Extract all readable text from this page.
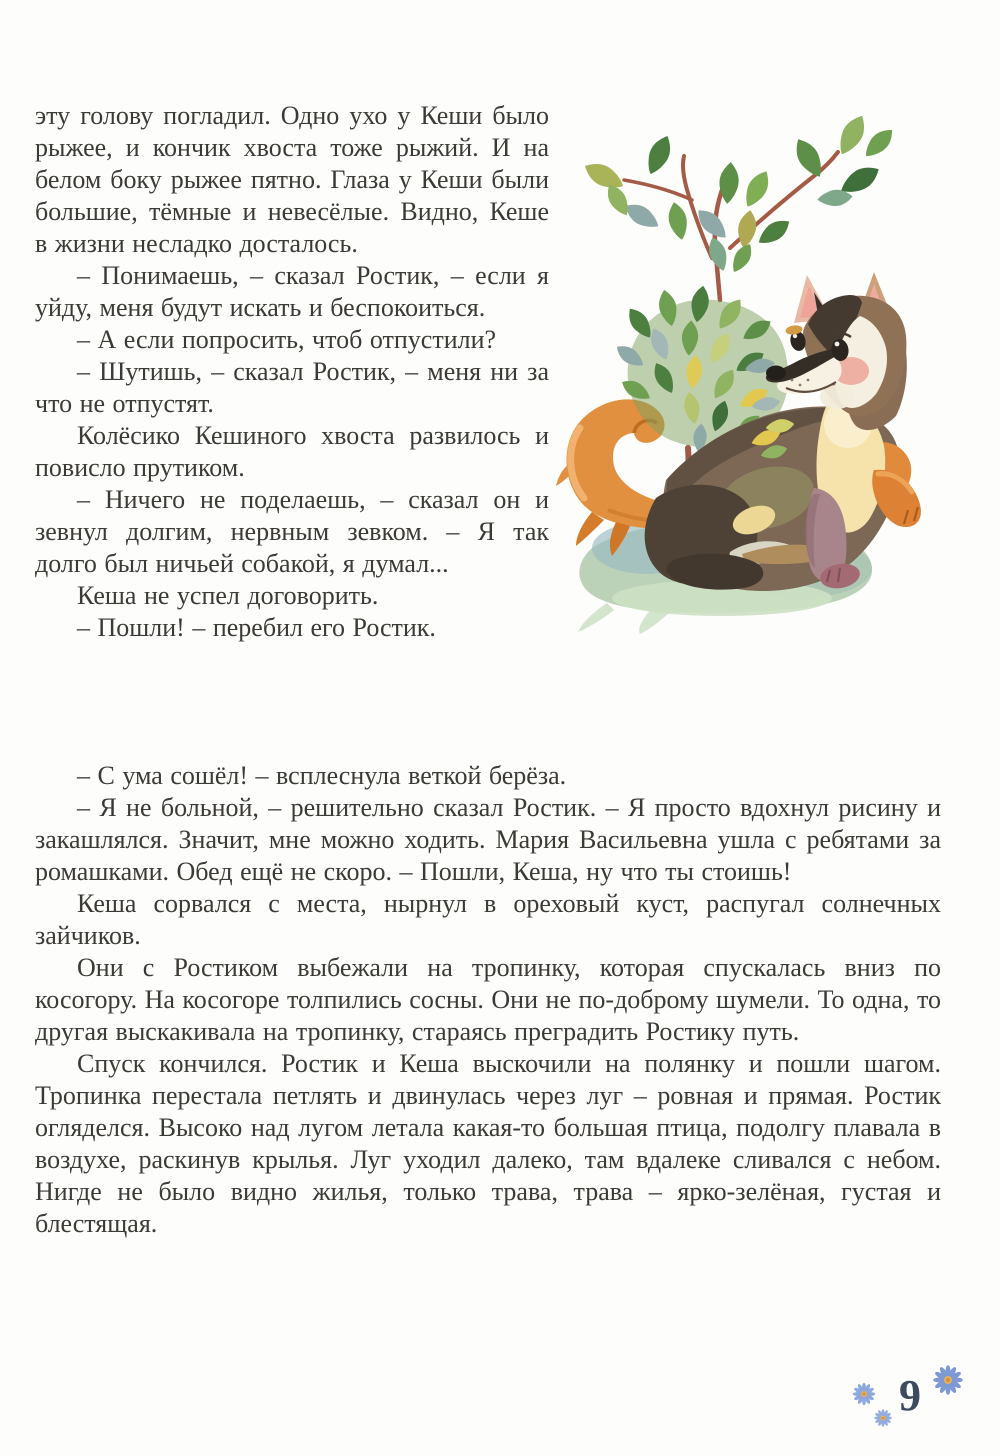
эту голову погладил. Одно ухо у Кеши было рыжее, и кончик хвоста тоже рыжий. И на белом боку рыжее пятно. Глаза у Кеши были большие, тёмные и невесёлые. Видно, Кеше в жизни несладко досталось.

– Понимаешь, – сказал Ростик, – если я уйду, меня будут искать и беспокоиться.

– А если попросить, чтоб отпустили?

– Шутишь, – сказал Ростик, – меня ни за что не отпустят.

Колёсико Кешиного хвоста развилось и повисло прутиком.

– Ничего не поделаешь, – сказал он и зевнул долгим, нервным зевком. – Я так долго был ничьей собакой, я думал...

Кеша не успел договорить.

– Пошли! – перебил его Ростик.

– С ума сошёл! – всплеснула веткой берёза.

– Я не больной, – решительно сказал Ростик. – Я просто вдохнул рисину и закашлялся. Значит, мне можно ходить. Мария Васильевна ушла с ребятами за ромашками. Обед ещё не скоро. – Пошли, Кеша, ну что ты стоишь!

Кеша сорвался с места, нырнул в ореховый куст, распугал солнечных зайчиков.

Они с Ростиком выбежали на тропинку, которая спускалась вниз по косогору. На косогоре толпились сосны. Они не по-доброму шумели. То одна, то другая выскакивала на тропинку, стараясь преградить Ростику путь.

Спуск кончился. Ростик и Кеша выскочили на полянку и пошли шагом. Тропинка перестала петлять и двинулась через луг – ровная и прямая. Ростик огляделся. Высоко над лугом летала какая-то большая птица, подолгу плавала в воздухе, раскинув крылья. Луг уходил далеко, там вдалеке сливался с небом. Нигде не было видно жилья, только трава, трава – ярко-зелёная, густая и блестящая.

9
